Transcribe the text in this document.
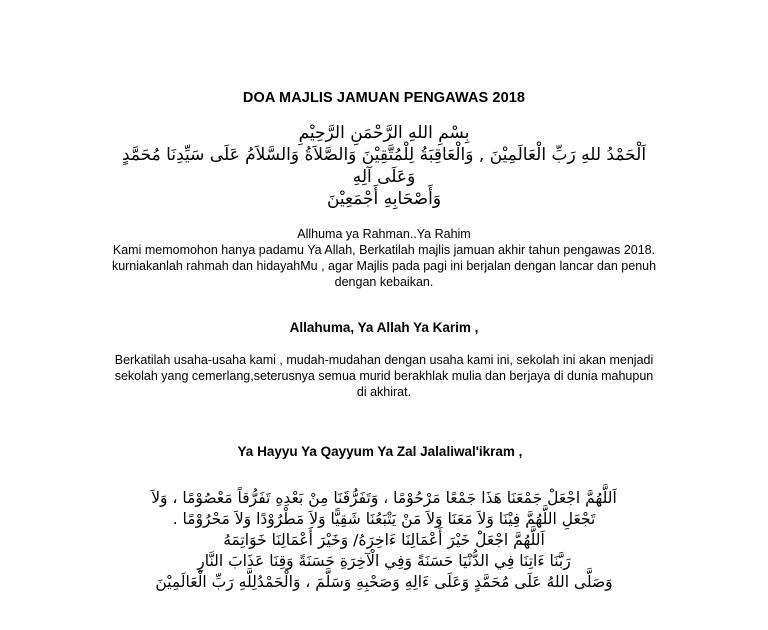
DOA MAJLIS JAMUAN PENGAWAS 2018
بِسْمِ اللهِ الرَّحْمَنِ الرَّحِيْمِ
اَلْحَمْدُ للهِ رَبِّ الْعَالَمِيْنَ , وَالْعَاقِبَةُ لِلْمُتَّقِيْنَ وَالصَّلاَةُ وَالسَّلاَمُ عَلَى سَيِّدِنَا مُحَمَّدٍ
وَعَلَى آلِهِ
وَأَصْحَابِهِ أَجْمَعِيْنَ
Allhuma ya Rahman..Ya Rahim
Kami memomohon hanya padamu Ya Allah, Berkatilah majlis jamuan akhir tahun pengawas 2018.
kurniakanlah rahmah dan hidayahMu , agar Majlis pada pagi ini berjalan dengan lancar dan penuh
dengan kebaikan.
Allahuma, Ya Allah Ya Karim ,
Berkatilah usaha-usaha kami , mudah-mudahan dengan usaha kami ini, sekolah ini akan menjadi
sekolah yang cemerlang,seterusnya semua murid berakhlak mulia dan berjaya di dunia mahupun
di akhirat.
Ya Hayyu Ya Qayyum Ya Zal Jalaliwal'ikram ,
اَللَّهُمَّ اجْعَلْ جَمْعَنَا هَذَا جَمْعًا مَرْحُوْمًا ، وَتَفَرُّقَنَا مِنْ بَعْدِهِ تَفَرُّقاً مَعْصُوْمًا ، وَلاَ
تَجْعَلِ اللَّهُمَّ فِيْنَا وَلاَ مَعَنَا وَلاَ مَنْ يَتْبَعُنَا شَقِيًّا وَلاَ مَطْرُوْدًا وَلاَ مَحْرُوْمًا .
اَللَّهُمَّ اجْعَلْ خَيْرَ أَعْمَالِنَا ءَاخِرَهُ/ وَخَيْرَ أَعْمَالِنَا خَوَاتِمَهُ
رَبَّنَا ءَاتِنَا فِي الدُّنْيَا حَسَنَةً وَفِي الْآخِرَةِ حَسَنَةً وَقِنَا عَذَابَ النَّارِ
وَصَلَّى اللهُ عَلَى مُحَمَّدٍ وَعَلَى ءَالِهِ وَصَحْبِهِ وَسَلَّمَ ، وَالْحَمْدُلِلَّهِ رَبِّ الْعَالَمِيْنَ
